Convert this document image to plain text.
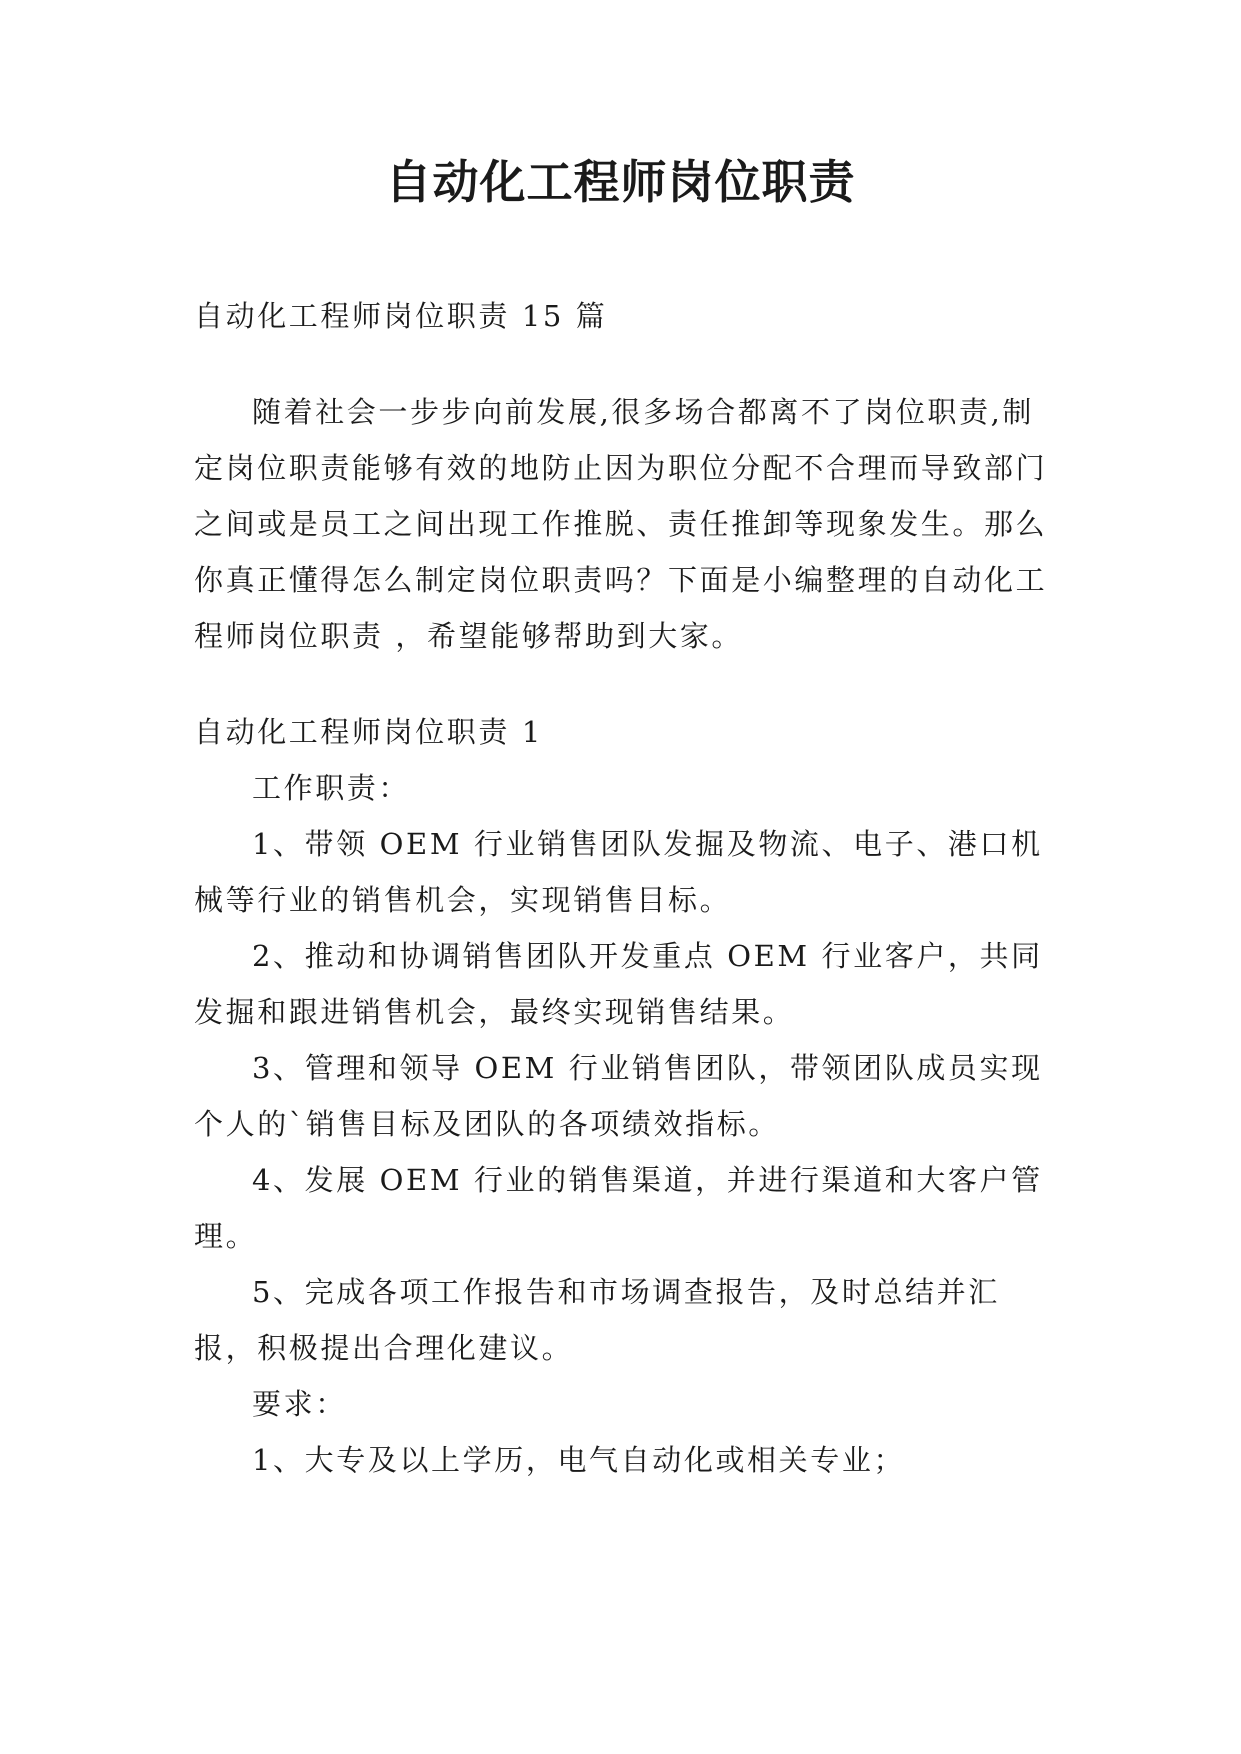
自动化工程师岗位职责

自动化工程师岗位职责 15 篇

随着社会一步步向前发展,很多场合都离不了岗位职责,制定岗位职责能够有效的地防止因为职位分配不合理而导致部门之间或是员工之间出现工作推脱、责任推卸等现象发生。那么你真正懂得怎么制定岗位职责吗？下面是小编整理的自动化工程师岗位职责 ，希望能够帮助到大家。

自动化工程师岗位职责 1

工作职责：

1、带领 OEM 行业销售团队发掘及物流、电子、港口机械等行业的销售机会，实现销售目标。

2、推动和协调销售团队开发重点 OEM 行业客户，共同发掘和跟进销售机会，最终实现销售结果。

3、管理和领导 OEM 行业销售团队，带领团队成员实现个人的`销售目标及团队的各项绩效指标。

4、发展 OEM 行业的销售渠道，并进行渠道和大客户管理。

5、完成各项工作报告和市场调查报告，及时总结并汇报，积极提出合理化建议。

要求：

1、大专及以上学历，电气自动化或相关专业；
